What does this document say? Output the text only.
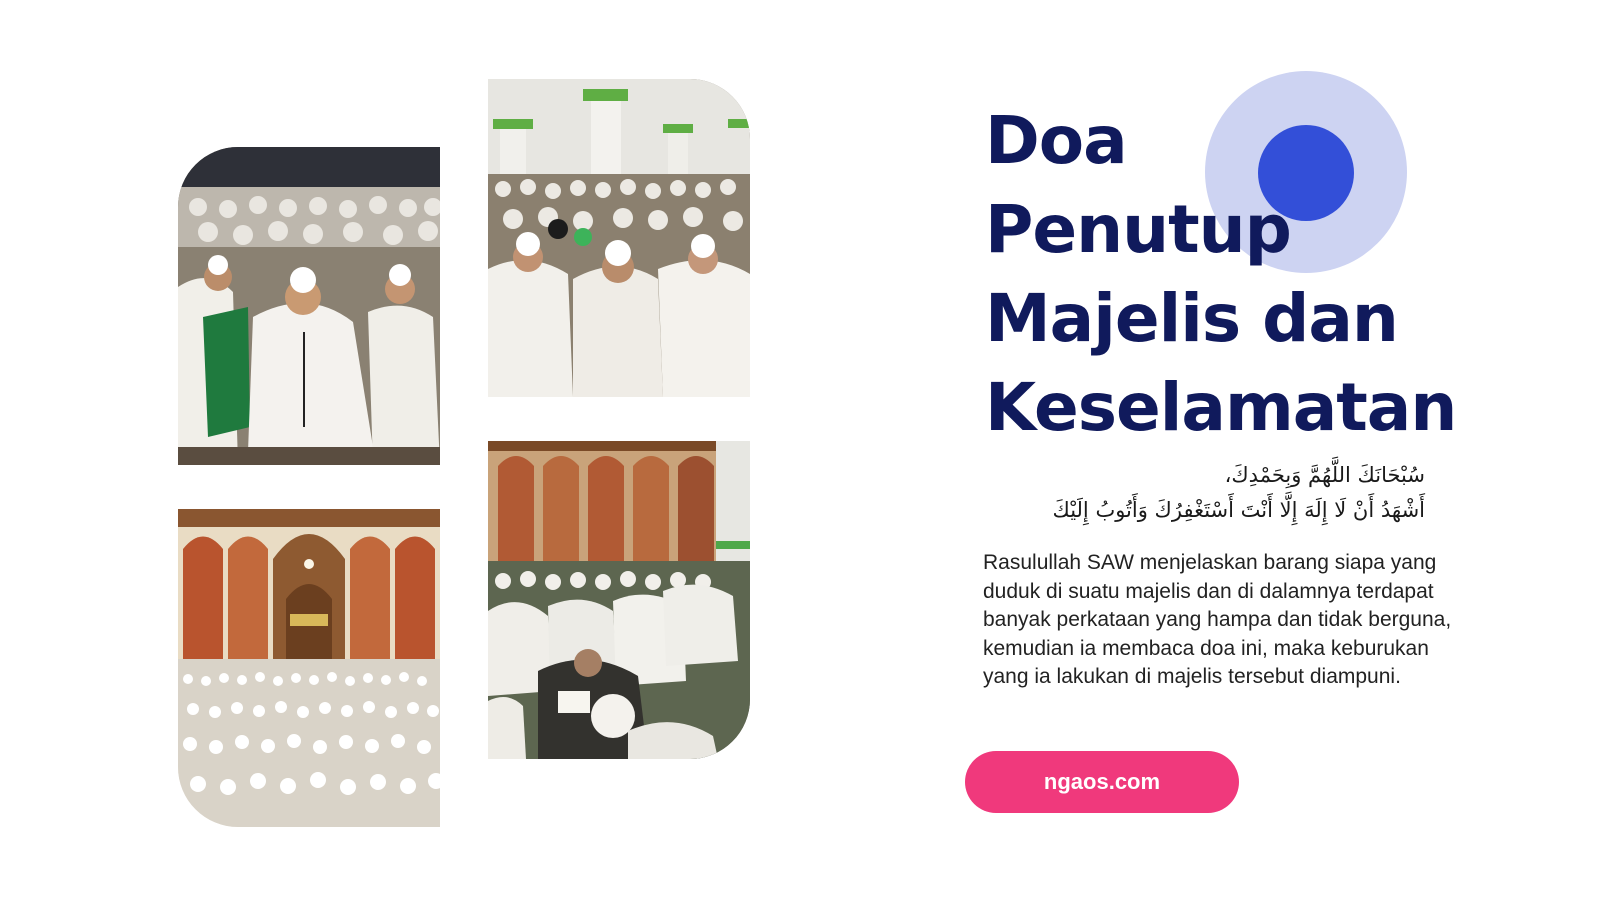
Doa
Penutup
Majelis dan
Keselamatan

سُبْحَانَكَ اللَّهُمَّ وَبِحَمْدِكَ،
أَشْهَدُ أَنْ لَا إِلَهَ إِلَّا أَنْتَ أَسْتَغْفِرُكَ وَأَتُوبُ إِلَيْكَ

Rasulullah SAW menjelaskan barang siapa yang duduk di suatu majelis dan di dalamnya terdapat banyak perkataan yang hampa dan tidak berguna, kemudian ia membaca doa ini, maka keburukan yang ia lakukan di majelis tersebut diampuni.

ngaos.com
